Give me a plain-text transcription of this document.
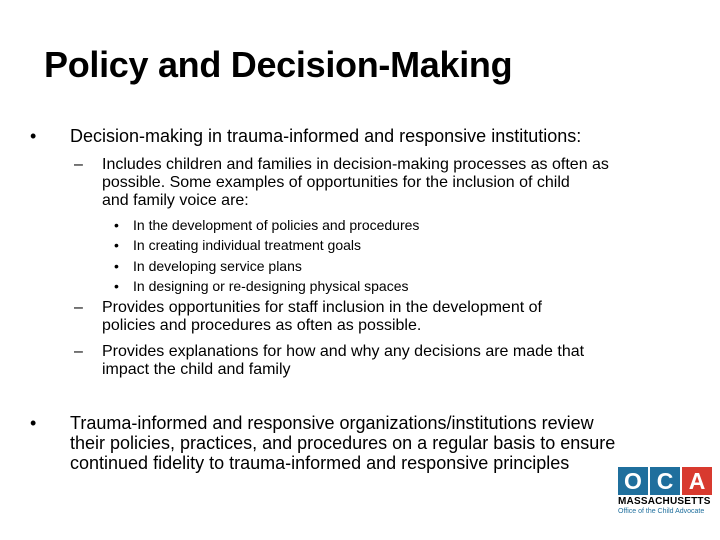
Policy and Decision-Making
• Decision-making in trauma-informed and responsive institutions:
– Includes children and families in decision-making processes as often as
possible. Some examples of opportunities for the inclusion of child
and family voice are:
• In the development of policies and procedures
• In creating individual treatment goals
• In developing service plans
• In designing or re-designing physical spaces
– Provides opportunities for staff inclusion in the development of
policies and procedures as often as possible.
– Provides explanations for how and why any decisions are made that
impact the child and family
• Trauma-informed and responsive organizations/institutions review
their policies, practices, and procedures on a regular basis to ensure
continued fidelity to trauma-informed and responsive principles
O C A
MASSACHUSETTS
Office of the Child Advocate
